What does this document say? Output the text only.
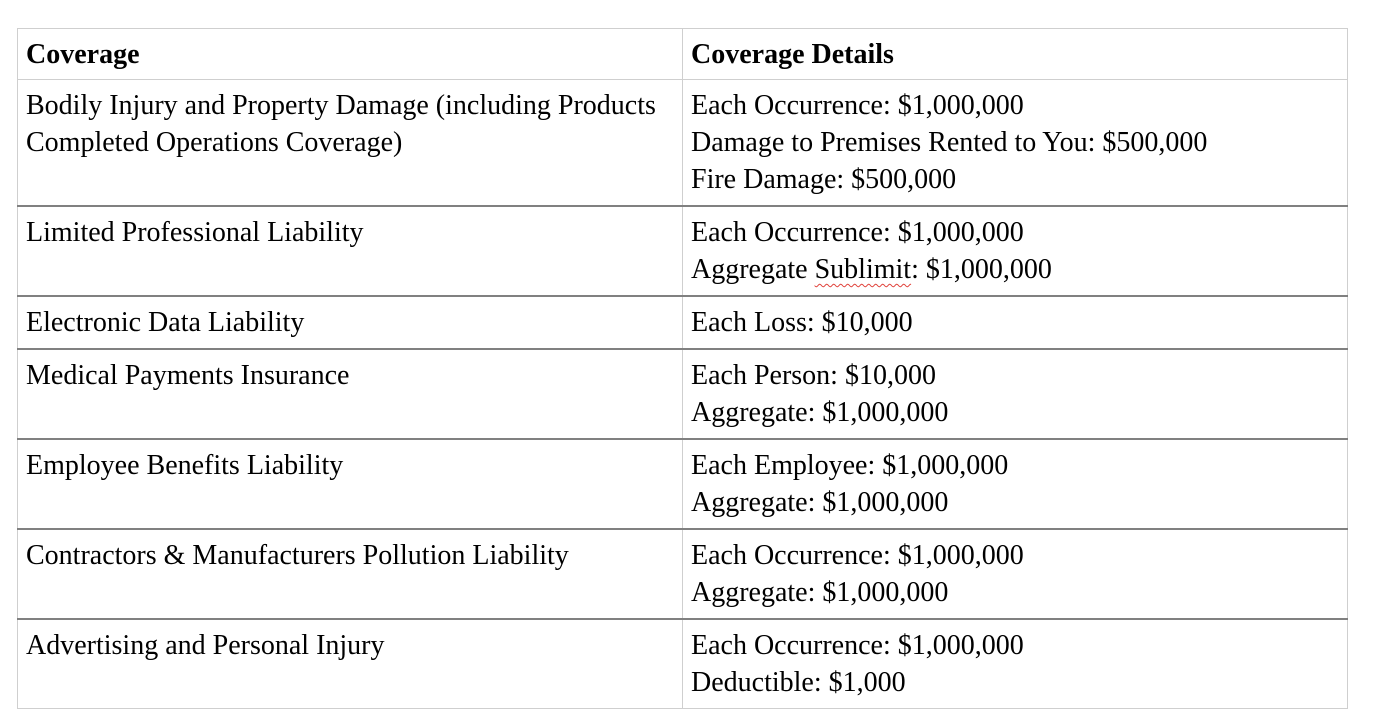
Coverage	Coverage Details
Bodily Injury and Property Damage (including Products Completed Operations Coverage)	Each Occurrence: $1,000,000
Damage to Premises Rented to You: $500,000
Fire Damage: $500,000

Limited Professional Liability	Each Occurrence: $1,000,000
Aggregate Sublimit: $1,000,000

Electronic Data Liability	Each Loss: $10,000

Medical Payments Insurance	Each Person: $10,000
Aggregate: $1,000,000

Employee Benefits Liability	Each Employee: $1,000,000
Aggregate: $1,000,000

Contractors & Manufacturers Pollution Liability	Each Occurrence: $1,000,000
Aggregate: $1,000,000

Advertising and Personal Injury	Each Occurrence: $1,000,000
Deductible: $1,000
